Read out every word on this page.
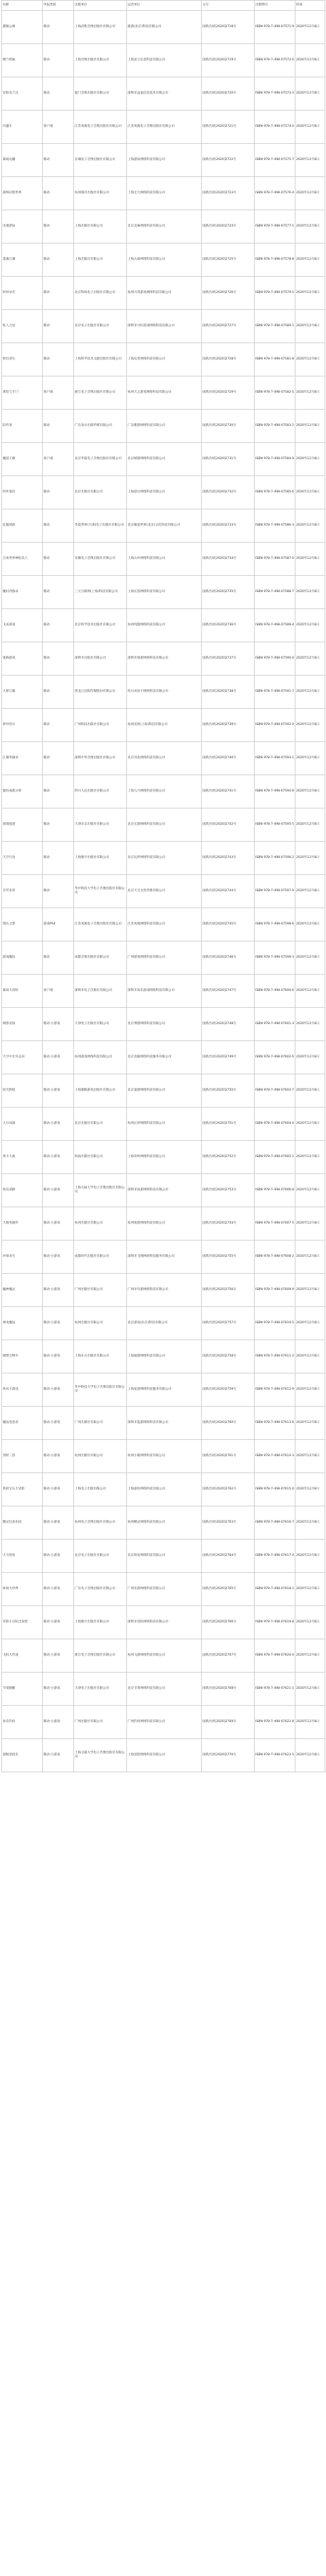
名称	申报类别	出版单位	运营单位	文号	出版物号	时间
猫咪公寓	移动	上海武胜音像出版社有限公司	鹿游(北京)科技有限公司	国新出审[2020]2718号	ISBN 978-7-498-07571-9	2020年12月8日
楼兰组妹	移动	上海音像出版社有限公司	上海苗云信息科技有限公司	国新出审[2020]2719号	ISBN 978-7-498-07572-6	2020年12月8日
冒险岛兰达	移动	厦门音像出版社有限公司	深圳市益盈信息技术有限公司	国新出审[2020]2720号	ISBN 978-7-498-07573-3	2020年12月8日
闪避车	客户端	江苏凤凰电子音像出版社有限公司	江苏凤凰电子音像出版社有限公司	国新出审[2020]2721号	ISBN 978-7-498-07574-0	2020年12月8日
暴战边疆	移动	长城电子音像出版社有限公司	上海游泳网络科技有限公司	国新出审[2020]2722号	ISBN 978-7-498-07575-7	2020年12月8日
最终幻影世界	移动	杭州都市出版社有限公司	上海宏大网络科技有限公司	国新出审[2020]2723号	ISBN 978-7-498-07576-4	2020年12月8日
出塞游泳	移动	上海出版社有限公司	北京美味网络科技有限公司	国新出审[2020]2724号	ISBN 978-7-498-07577-1	2020年12月8日
墨驰江湖	移动	上海出版社有限公司	上海古森网络科技有限公司	国新出审[2020]2725号	ISBN 978-7-498-07578-8	2020年12月8日
时时录音	移动	北京科海电子出版社有限公司	杭州兴茂游戏网络科技有限公司	国新出审[2020]2726号	ISBN 978-7-498-07579-5	2020年12月8日
私人之星	移动	北京电子出版社有限公司	深圳市兴旺游戏网络科技有限公司	国新出审[2020]2727号	ISBN 978-7-498-07580-1	2020年12月8日
射出消失	移动	上海科学技术文献出版社有限公司	上海玩者网络科技有限公司	国新出审[2020]2728号	ISBN 978-7-498-07581-8	2020年12月8日
那里与专门	客户端	浙江电子音像出版社有限公司	杭州天之游戏网络科技有限公司	国新出审[2020]2729号	ISBN 978-7-498-07582-5	2020年12月8日
旧传说	移动	广东南方出版传媒有限公司	广东酷游网络科技有限公司	国新出审[2020]2730号	ISBN 978-7-498-07583-2	2020年12月8日
魔道王朝	客户端	北京华夏电子音像出版社有限公司	北京晴游网络科技有限公司	国新出审[2020]2731号	ISBN 978-7-498-07584-9	2020年12月8日
四叶童话	移动	北京出版社有限公司	上海超尔网络科技有限公司	国新出审[2020]2732号	ISBN 978-7-498-07585-6	2020年12月8日
征服部落	移动	华夏世界(天津)电子出版社有限公司	北京雁宴世界(北京)文化科技有限公司	国新出审[2020]2733号	ISBN 978-7-498-07586-3	2020年12月8日
合欢世界神仙美人	移动	安徽电子音像出版社有限公司	上海山中网络科技有限公司	国新出审[2020]2734号	ISBN 978-7-498-07587-0	2020年12月8日
魔幻西游录	移动	三元互联网(上海)科技有限公司	上海长笛网络科技有限公司	国新出审[2020]2735号	ISBN 978-7-498-07588-7	2020年12月8日
飞来游戏	移动	北京科学技术出版社有限公司	杭州纯游网络科技有限公司	国新出审[2020]2736号	ISBN 978-7-498-07589-4	2020年12月8日
迷路游戏	移动	深圳市出版社有限公司	深圳市迷游网络科技有限公司	国新出审[2020]2737号	ISBN 978-7-498-07590-0	2020年12月8日
大梦江湖	移动	黑龙江出版传媒股份有限公司	哈尔滨星宇网络科技有限公司	国新出审[2020]2738号	ISBN 978-7-498-07591-7	2020年12月8日
梦中的方	移动	广州科技出版社有限公司	杭州美果(上海)科技有限公司	国新出审[2020]2739号	ISBN 978-7-498-07592-4	2020年12月8日
江湖英雄录	移动	深圳中华音像出版社有限公司	北京河北网络科技有限公司	国新出审[2020]2740号	ISBN 978-7-498-07593-1	2020年12月8日
题仿成就分析	移动	四川人民出版社有限公司	上海九月网络科技有限公司	国新出审[2020]2741号	ISBN 978-7-498-07594-8	2020年12月8日
漫漫爱游	移动	天津杂志出版社有限公司	北京宏游网络科技有限公司	国新出审[2020]2742号	ISBN 978-7-498-07595-5	2020年12月8日
天空行动	移动	上海数字出版社有限公司	北京玩伴网络科技有限公司	国新出审[2020]2743号	ISBN 978-7-498-07596-2	2020年12月8日
京华来者	移动	华中科技大学电子音像出版社有限公司	北京天宝文化传媒有限公司	国新出审[2020]2744号	ISBN 978-7-498-07597-9	2020年12月8日
现在之梦	游戏PS4	江苏凤凰电子音像出版社有限公司	江苏凤凰网络科技有限公司	国新出审[2020]2745号	ISBN 978-7-498-07598-6	2020年12月8日
游戏魔法	移动	成都音像出版社有限公司	广州游戏网络科技有限公司	国新出审[2020]2746号	ISBN 978-7-498-07599-3	2020年12月8日
暴雨大冒险	客户端	深圳市电子出版社有限公司	深圳市欢乐游戏网络科技有限公司	国新出审[2020]2747号	ISBN 978-7-498-07600-6	2020年12月8日
刺客帝国	移动·小游戏	天津电子出版社有限公司	北京博游网络科技有限公司	国新出审[2020]2748号	ISBN 978-7-498-07601-3	2020年12月8日
天空中无穷去向	移动·小游戏	杭州游戏网络科技有限公司	北京壹霖网络科技服务有限公司	国新出审[2020]2749号	ISBN 978-7-498-07602-0	2020年12月8日
炫光辉煌	移动·小游戏	上海猫熊游戏出版社有限公司	北京嘉游网络科技有限公司	国新出审[2020]2750号	ISBN 978-7-498-07603-7	2020年12月8日
大小闯荡	移动·小游戏	北京出版社有限公司	杭州后羿网络科技有限公司	国新出审[2020]2751号	ISBN 978-7-498-07604-4	2020年12月8日
勇斗大战	移动·小游戏	海南出版社有限公司	上海奇妙网络科技有限公司	国新出审[2020]2752号	ISBN 978-7-498-07605-1	2020年12月8日
快乐消除	移动·小游戏	上海交通大学电子音像出版社有限公司	深圳市尚游网络科技有限公司	国新出审[2020]2753号	ISBN 978-7-498-07606-8	2020年12月8日
大地英雄传	移动·小游戏	杭州出版社有限公司	杭州悦游网络科技有限公司	国新出审[2020]2754号	ISBN 978-7-498-07607-5	2020年12月8日
冲锋求生	移动·小游戏	成都时代出版社有限公司	深圳市飞翔网络科技服务有限公司	国新出审[2020]2755号	ISBN 978-7-498-07608-2	2020年12月8日
魔神魔灵	移动·小游戏	广州出版社有限公司	广州市奇游网络科技有限公司	国新出审[2020]2756号	ISBN 978-7-498-07609-9	2020年12月8日
神龙魔法	移动·小游戏	杭州出版社有限公司	北京游戏(北京)科技有限公司	国新出审[2020]2757号	ISBN 978-7-498-07610-5	2020年12月8日
城堡宝物中	移动·小游戏	上海东方出版社有限公司	上海驰游网络科技有限公司	国新出审[2020]2758号	ISBN 978-7-498-07611-2	2020年12月8日
快乐小游戏	移动·小游戏	华中科技大学电子音像出版社有限公司	上海星游网络科技服务有限公司	国新出审[2020]2759号	ISBN 978-7-498-07612-9	2020年12月8日
魔法连连看	移动·小游戏	广州出版社有限公司	深圳市蓝游网络科技有限公司	国新出审[2020]2760号	ISBN 978-7-498-07613-6	2020年12月8日
别样三消	移动·小游戏	杭州出版社有限公司	杭州小鹿网络科技有限公司	国新出审[2020]2761号	ISBN 978-7-498-07614-3	2020年12月8日
我的宝石大冒险	移动·小游戏	上海电子出版有限公司	上海游侠网络科技有限公司	国新出审[2020]2762号	ISBN 978-7-498-07615-0	2020年12月8日
精灵狂欢乐园	移动·小游戏	杭州电子音像出版社有限公司	杭州精灵网络科技有限公司	国新出审[2020]2763号	ISBN 978-7-498-07616-7	2020年12月8日
天天萌宠	移动·小游戏	北京电子出版社有限公司	北京萌宠网络科技有限公司	国新出审[2020]2764号	ISBN 978-7-498-07617-4	2020年12月8日
休闲大世界	移动·小游戏	广东电子音像出版社有限公司	广州乐游网络科技有限公司	国新出审[2020]2765号	ISBN 978-7-498-07618-1	2020年12月8日
冒险小分队出发吧	移动·小游戏	上海数字出版社有限公司	深圳市冒险网络科技有限公司	国新出审[2020]2766号	ISBN 978-7-498-07619-8	2020年12月8日
飞机大作战	移动·小游戏	浙江电子音像出版社有限公司	杭州飞游网络科技有限公司	国新出审[2020]2767号	ISBN 978-7-498-07620-4	2020年12月8日
节奏跑酷	移动·小游戏	天津电子出版社有限公司	北京节奏网络科技有限公司	国新出审[2020]2768号	ISBN 978-7-498-07621-1	2020年12月8日
欢乐钓鱼	移动·小游戏	广州出版社有限公司	广州钓鱼网络科技有限公司	国新出审[2020]2769号	ISBN 978-7-498-07622-8	2020年12月8日
超级消消乐	移动·小游戏	上海交通大学电子音像出版社有限公司	上海消消网络科技有限公司	国新出审[2020]2770号	ISBN 978-7-498-07623-5	2020年12月8日
